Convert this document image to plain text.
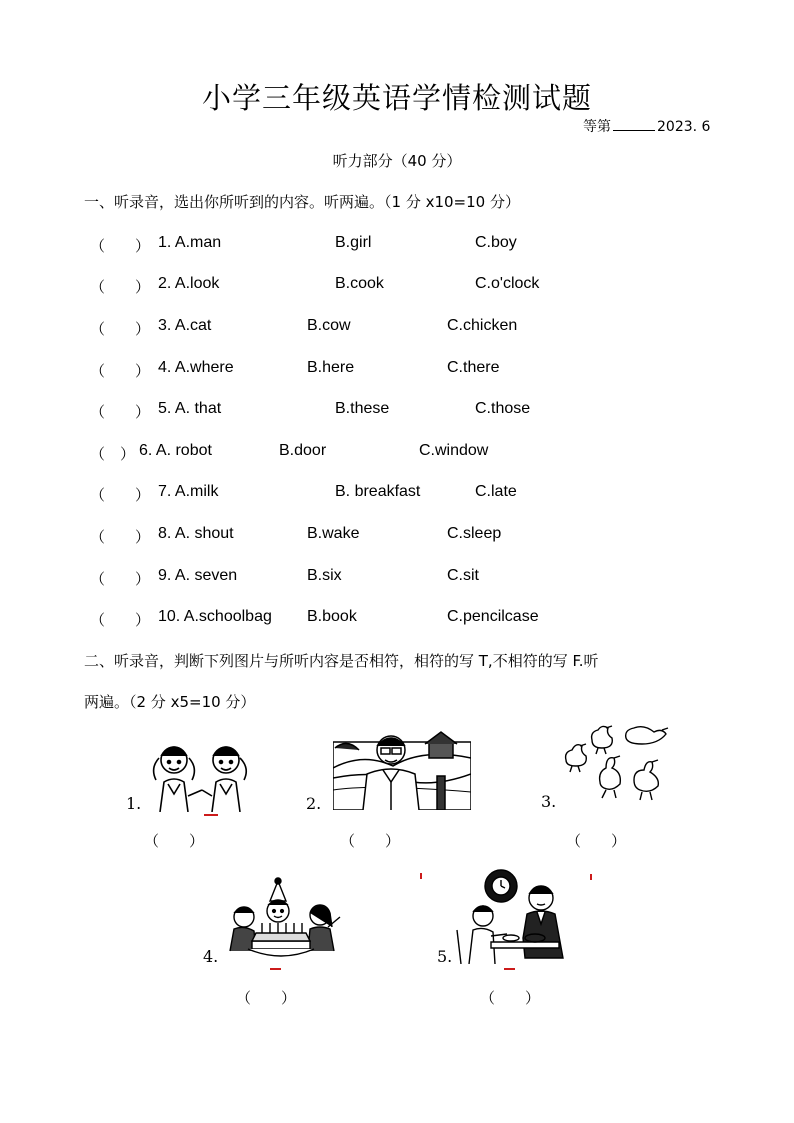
小学三年级英语学情检测试题
等第	2023. 6
听力部分（40 分）
一、听录音，选出你所听到的内容。听两遍。（1 分 x10=10 分）
（　　） 1. A.man	B.girl	C.boy
（　　） 2. A.look	B.cook	C.o'clock
（　　） 3. A.cat	B.cow	C.chicken
（　　） 4. A.where	B.here	C.there
（　　） 5. A. that	B.these	C.those
（　） 6. A. robot	B.door	C.window
（　　） 7. A.milk	B. breakfast	C.late
（　　） 8. A. shout	B.wake	C.sleep
（　　） 9. A. seven	B.six	C.sit
（　　） 10. A.schoolbag B.book	C.pencilcase
二、听录音，判断下列图片与所听内容是否相符，相符的写 T,不相符的写 F.听
两遍。（2 分 x5=10 分）
1.
（　　）
2.
（　　）
3.
（　　）
4.
（　　）
5.
（　　）
